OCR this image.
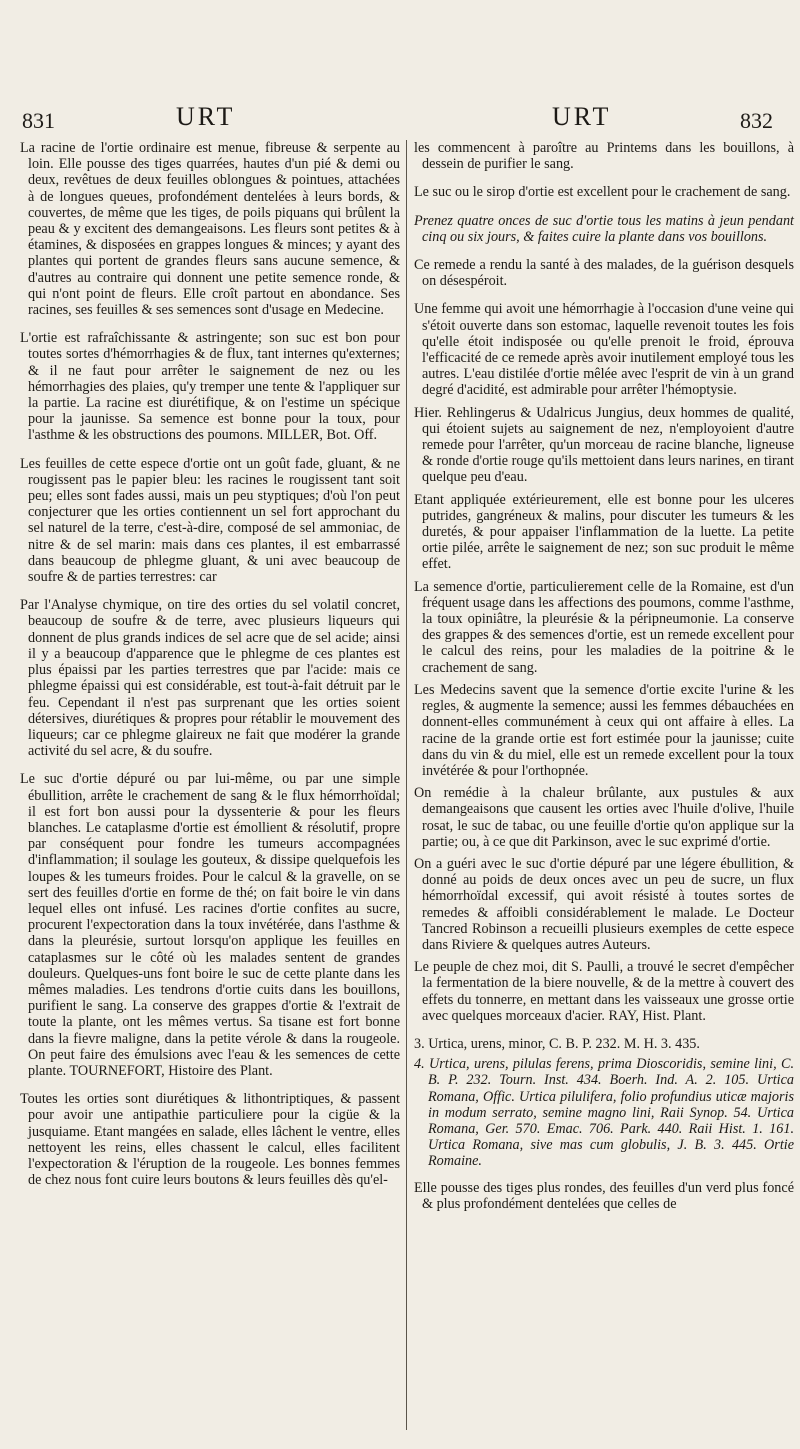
831	URT	URT	832

La racine de l'ortie ordinaire est menue, fibreuse & serpente au loin. Elle pousse des tiges quarrées, hautes d'un pié & demi ou deux, revêtues de deux feuilles oblongues & pointues, attachées à de longues queues, profondément dentelées à leurs bords, & couvertes, de même que les tiges, de poils piquans qui brûlent la peau & y excitent des demangeaisons. Les fleurs sont petites & à étamines, & disposées en grappes longues & minces; y ayant des plantes qui portent de grandes fleurs sans aucune semence, & d'autres au contraire qui donnent une petite semence ronde, & qui n'ont point de fleurs. Elle croît partout en abondance. Ses racines, ses feuilles & ses semences sont d'usage en Medecine.

L'ortie est rafraîchissante & astringente; son suc est bon pour toutes sortes d'hémorrhagies & de flux, tant internes qu'externes; & il ne faut pour arrêter le saignement de nez ou les hémorrhagies des plaies, qu'y tremper une tente & l'appliquer sur la partie. La racine est diurétifique, & on l'estime un spécique pour la jaunisse. Sa semence est bonne pour la toux, pour l'asthme & les obstructions des poumons. MILLER, Bot. Off.

Les feuilles de cette espece d'ortie ont un goût fade, gluant, & ne rougissent pas le papier bleu: les racines le rougissent tant soit peu; elles sont fades aussi, mais un peu styptiques; d'où l'on peut conjecturer que les orties contiennent un sel fort approchant du sel naturel de la terre, c'est-à-dire, composé de sel ammoniac, de nitre & de sel marin: mais dans ces plantes, il est embarrassé dans beaucoup de phlegme gluant, & uni avec beaucoup de soufre & de parties terrestres: car

Par l'Analyse chymique, on tire des orties du sel volatil concret, beaucoup de soufre & de terre, avec plusieurs liqueurs qui donnent de plus grands indices de sel acre que de sel acide; ainsi il y a beaucoup d'apparence que le phlegme de ces plantes est plus épaissi par les parties terrestres que par l'acide: mais ce phlegme épaissi qui est considérable, est tout-à-fait détruit par le feu. Cependant il n'est pas surprenant que les orties soient détersives, diurétiques & propres pour rétablir le mouvement des liqueurs; car ce phlegme glaireux ne fait que modérer la grande activité du sel acre, & du soufre.

Le suc d'ortie dépuré ou par lui-même, ou par une simple ébullition, arrête le crachement de sang & le flux hémorrhoïdal; il est fort bon aussi pour la dyssenterie & pour les fleurs blanches. Le cataplasme d'ortie est émollient & résolutif, propre par conséquent pour fondre les tumeurs accompagnées d'inflammation; il soulage les gouteux, & dissipe quelquefois les loupes & les tumeurs froides. Pour le calcul & la gravelle, on se sert des feuilles d'ortie en forme de thé; on fait boire le vin dans lequel elles ont infusé. Les racines d'ortie confites au sucre, procurent l'expectoration dans la toux invétérée, dans l'asthme & dans la pleurésie, surtout lorsqu'on applique les feuilles en cataplasmes sur le côté où les malades sentent de grandes douleurs. Quelques-uns font boire le suc de cette plante dans les mêmes maladies. Les tendrons d'ortie cuits dans les bouillons, purifient le sang. La conserve des grappes d'ortie & l'extrait de toute la plante, ont les mêmes vertus. Sa tisane est fort bonne dans la fievre maligne, dans la petite vérole & dans la rougeole. On peut faire des émulsions avec l'eau & les semences de cette plante. TOURNEFORT, Histoire des Plant.

Toutes les orties sont diurétiques & lithontriptiques, & passent pour avoir une antipathie particuliere pour la cigüe & la jusquiame. Etant mangées en salade, elles lâchent le ventre, elles nettoyent les reins, elles chassent le calcul, elles facilitent l'expectoration & l'éruption de la rougeole. Les bonnes femmes de chez nous font cuire leurs boutons & leurs feuilles dès qu'el-

les commencent à paroître au Printems dans les bouillons, à dessein de purifier le sang.

Le suc ou le sirop d'ortie est excellent pour le crachement de sang.

Prenez quatre onces de suc d'ortie tous les matins à jeun pendant cinq ou six jours, & faites cuire la plante dans vos bouillons.

Ce remede a rendu la santé à des malades, de la guérison desquels on désespéroit.

Une femme qui avoit une hémorrhagie à l'occasion d'une veine qui s'étoit ouverte dans son estomac, laquelle revenoit toutes les fois qu'elle étoit indisposée ou qu'elle prenoit le froid, éprouva l'efficacité de ce remede après avoir inutilement employé tous les autres. L'eau distilée d'ortie mêlée avec l'esprit de vin à un grand degré d'acidité, est admirable pour arrêter l'hémoptysie.

Hier. Rehlingerus & Udalricus Jungius, deux hommes de qualité, qui étoient sujets au saignement de nez, n'employoient d'autre remede pour l'arrêter, qu'un morceau de racine blanche, ligneuse & ronde d'ortie rouge qu'ils mettoient dans leurs narines, en tirant quelque peu d'eau.

Etant appliquée extérieurement, elle est bonne pour les ulceres putrides, gangréneux & malins, pour discuter les tumeurs & les duretés, & pour appaiser l'inflammation de la luette. La petite ortie pilée, arrête le saignement de nez; son suc produit le même effet.

La semence d'ortie, particulierement celle de la Romaine, est d'un fréquent usage dans les affections des poumons, comme l'asthme, la toux opiniâtre, la pleurésie & la péripneumonie. La conserve des grappes & des semences d'ortie, est un remede excellent pour le calcul des reins, pour les maladies de la poitrine & le crachement de sang.

Les Medecins savent que la semence d'ortie excite l'urine & les regles, & augmente la semence; aussi les femmes débauchées en donnent-elles communément à ceux qui ont affaire à elles. La racine de la grande ortie est fort estimée pour la jaunisse; cuite dans du vin & du miel, elle est un remede excellent pour la toux invétérée & pour l'orthopnée.

On remédie à la chaleur brûlante, aux pustules & aux demangeaisons que causent les orties avec l'huile d'olive, l'huile rosat, le suc de tabac, ou une feuille d'ortie qu'on applique sur la partie; ou, à ce que dit Parkinson, avec le suc exprimé d'ortie.

On a guéri avec le suc d'ortie dépuré par une légere ébullition, & donné au poids de deux onces avec un peu de sucre, un flux hémorrhoïdal excessif, qui avoit résisté à toutes sortes de remedes & affoibli considérablement le malade. Le Docteur Tancred Robinson a recueilli plusieurs exemples de cette espece dans Riviere & quelques autres Auteurs.

Le peuple de chez moi, dit S. Paulli, a trouvé le secret d'empêcher la fermentation de la biere nouvelle, & de la mettre à couvert des effets du tonnerre, en mettant dans les vaisseaux une grosse ortie avec quelques morceaux d'acier. RAY, Hist. Plant.

3. Urtica, urens, minor, C. B. P. 232. M. H. 3. 435.

4. Urtica, urens, pilulas ferens, prima Dioscoridis, semine lini, C. B. P. 232. Tourn. Inst. 434. Boerh. Ind. A. 2. 105. Urtica Romana, Offic. Urtica pilulifera, folio profundius uticæ majoris in modum serrato, semine magno lini, Raii Synop. 54. Urtica Romana, Ger. 570. Emac. 706. Park. 440. Raii Hist. 1. 161. Urtica Romana, sive mas cum globulis, J. B. 3. 445. Ortie Romaine.

Elle pousse des tiges plus rondes, des feuilles d'un verd plus foncé & plus profondément dentelées que celles de
